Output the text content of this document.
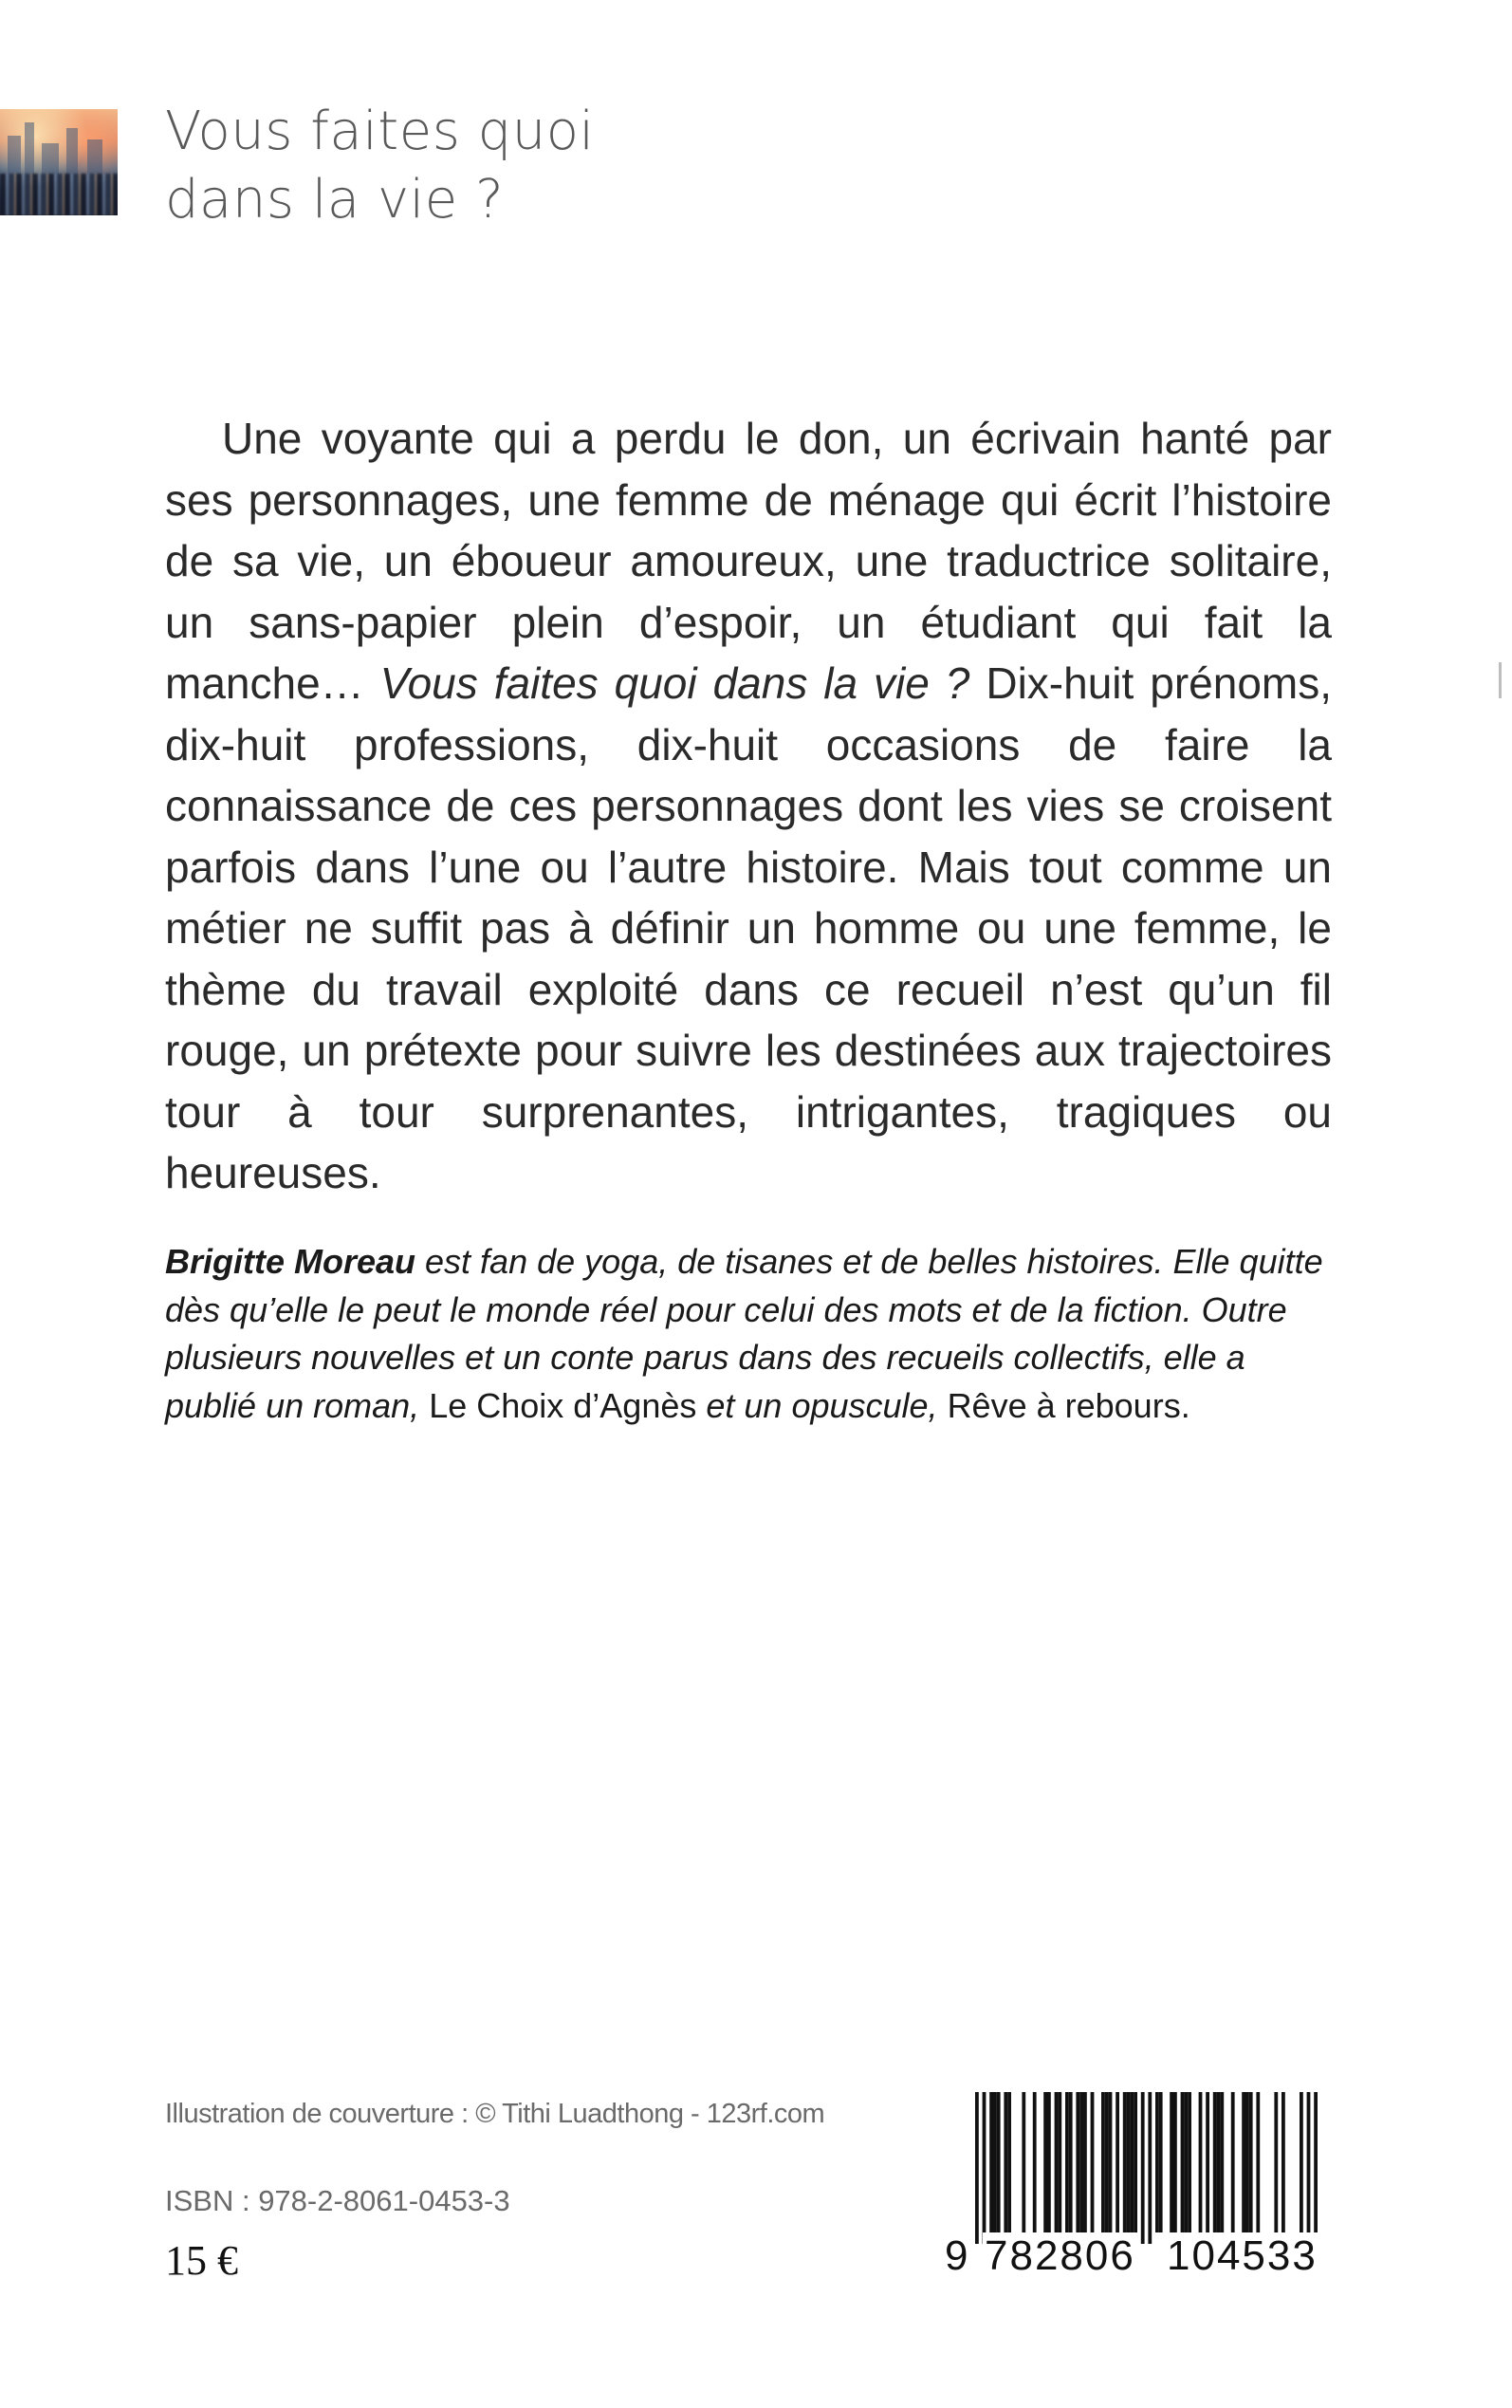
Vous faites quoi
dans la vie ?

Une voyante qui a perdu le don, un écrivain hanté par ses personnages, une femme de ménage qui écrit l’histoire de sa vie, un éboueur amoureux, une traductrice solitaire, un sans-papier plein d’espoir, un étudiant qui fait la manche… Vous faites quoi dans la vie ? Dix-huit prénoms, dix-huit professions, dix-huit occasions de faire la connaissance de ces personnages dont les vies se croisent parfois dans l’une ou l’autre histoire. Mais tout comme un métier ne suffit pas à définir un homme ou une femme, le thème du travail exploité dans ce recueil n’est qu’un fil rouge, un prétexte pour suivre les destinées aux trajectoires tour à tour surprenantes, intrigantes, tragiques ou heureuses.

Brigitte Moreau est fan de yoga, de tisanes et de belles histoires. Elle quitte dès qu’elle le peut le monde réel pour celui des mots et de la fiction. Outre plusieurs nouvelles et un conte parus dans des recueils collectifs, elle a publié un roman, Le Choix d’Agnès et un opuscule, Rêve à rebours.

Illustration de couverture : © Tithi Luadthong - 123rf.com
ISBN : 978-2-8061-0453-3
15 €	9 782806 104533
